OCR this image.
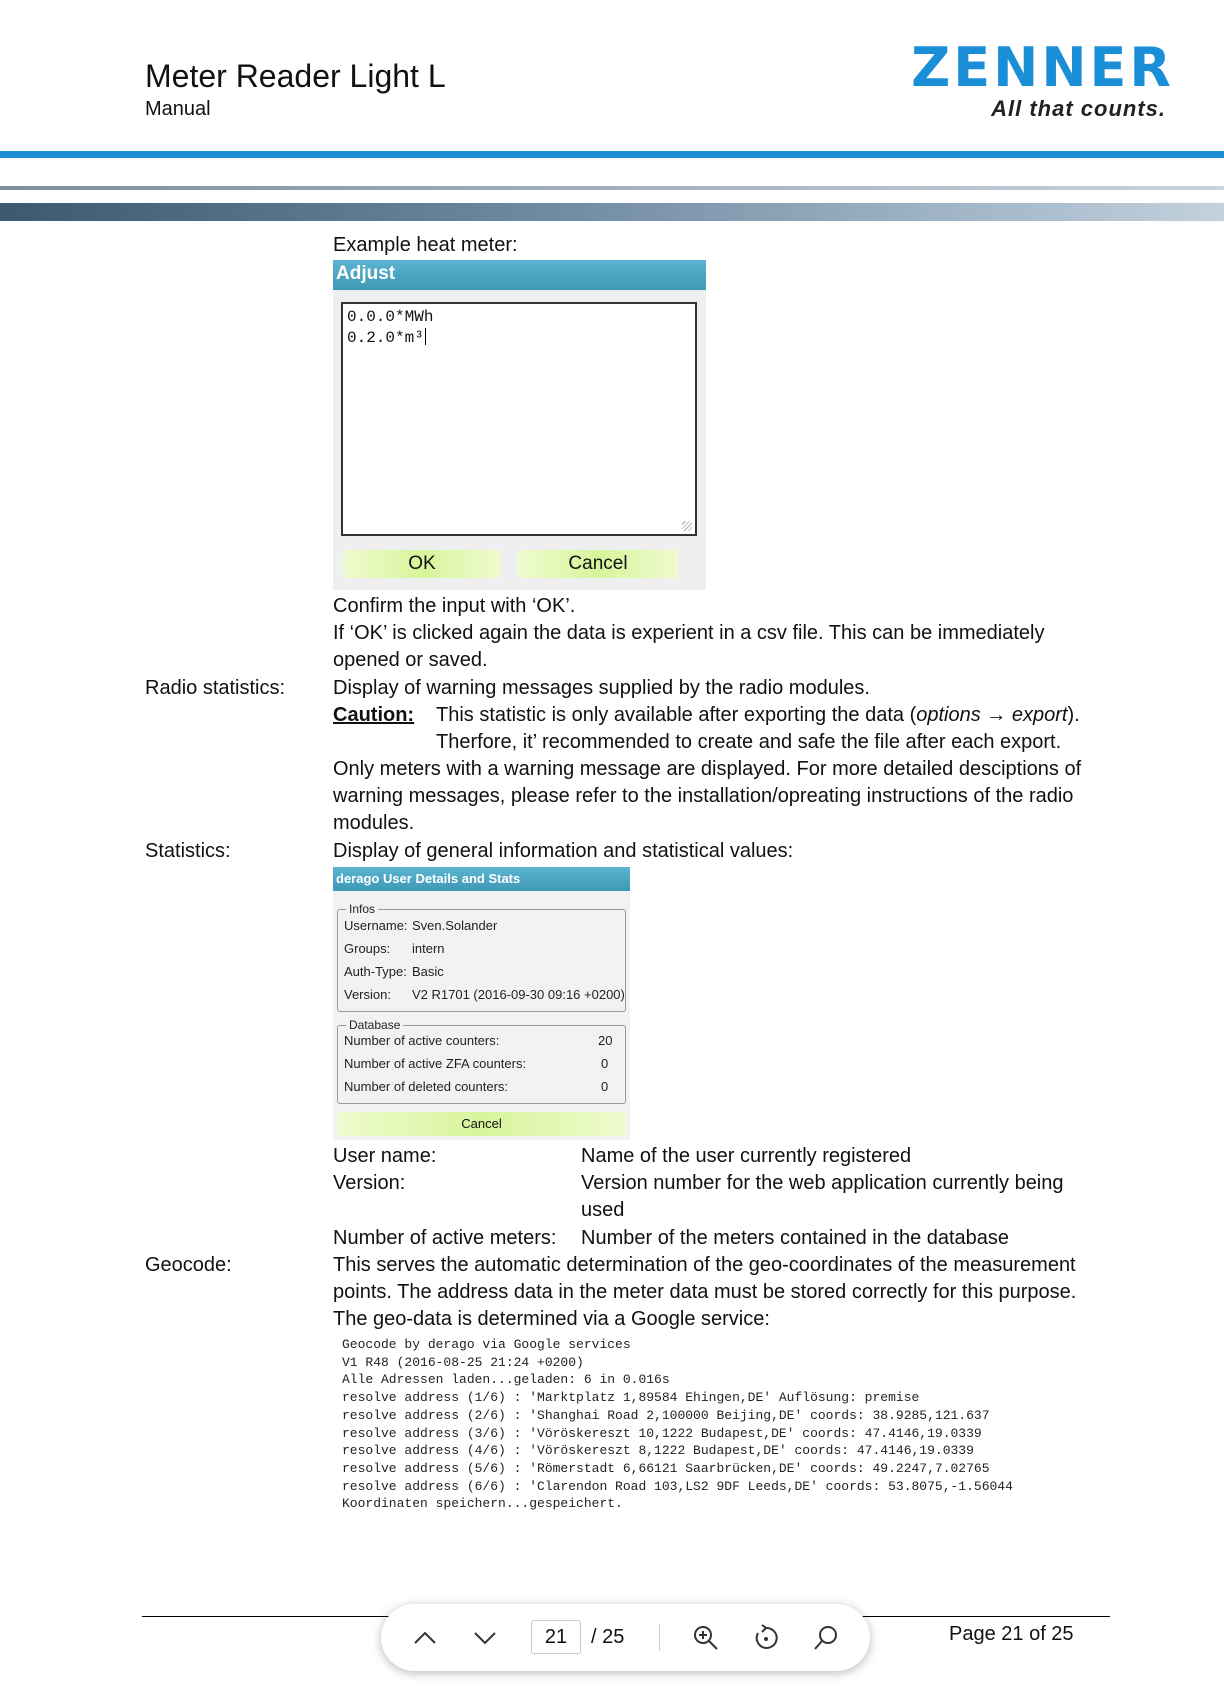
Meter Reader Light L
Manual
ZENNER
All that counts.
Example heat meter:
Adjust
0.0.0*MWh
0.2.0*m³
OK	Cancel
Confirm the input with ‘OK’.
If ‘OK’ is clicked again the data is experient in a csv file. This can be immediately
opened or saved.
Radio statistics: Display of warning messages supplied by the radio modules.
Caution: This statistic is only available after exporting the data (options → export).
Therfore, it’ recommended to create and safe the file after each export.
Only meters with a warning message are displayed. For more detailed desciptions of
warning messages, please refer to the installation/opreating instructions of the radio
modules.
Statistics:	Display of general information and statistical values:
derago User Details and Stats
Infos
Username: Sven.Solander
Groups: intern
Auth-Type: Basic
Version: V2 R1701 (2016-09-30 09:16 +0200)
Database
Number of active counters:	20
Number of active ZFA counters:	0
Number of deleted counters:	0
Cancel
User name:	Name of the user currently registered
Version:	Version number for the web application currently being
used
Number of active meters: Number of the meters contained in the database
Geocode:	This serves the automatic determination of the geo-coordinates of the measurement
points. The address data in the meter data must be stored correctly for this purpose.
The geo-data is determined via a Google service:
Geocode by derago via Google services
V1 R48 (2016-08-25 21:24 +0200)
Alle Adressen laden...geladen: 6 in 0.016s
resolve address (1/6) : 'Marktplatz 1,89584 Ehingen,DE' Auflösung: premise
resolve address (2/6) : 'Shanghai Road 2,100000 Beijing,DE' coords: 38.9285,121.637
resolve address (3/6) : 'Vöröskereszt 10,1222 Budapest,DE' coords: 47.4146,19.0339
resolve address (4/6) : 'Vöröskereszt 8,1222 Budapest,DE' coords: 47.4146,19.0339
resolve address (5/6) : 'Römerstadt 6,66121 Saarbrücken,DE' coords: 49.2247,7.02765
resolve address (6/6) : 'Clarendon Road 103,LS2 9DF Leeds,DE' coords: 53.8075,-1.56044
Koordinaten speichern...gespeichert.
Page 21 of 25
21	/ 25
